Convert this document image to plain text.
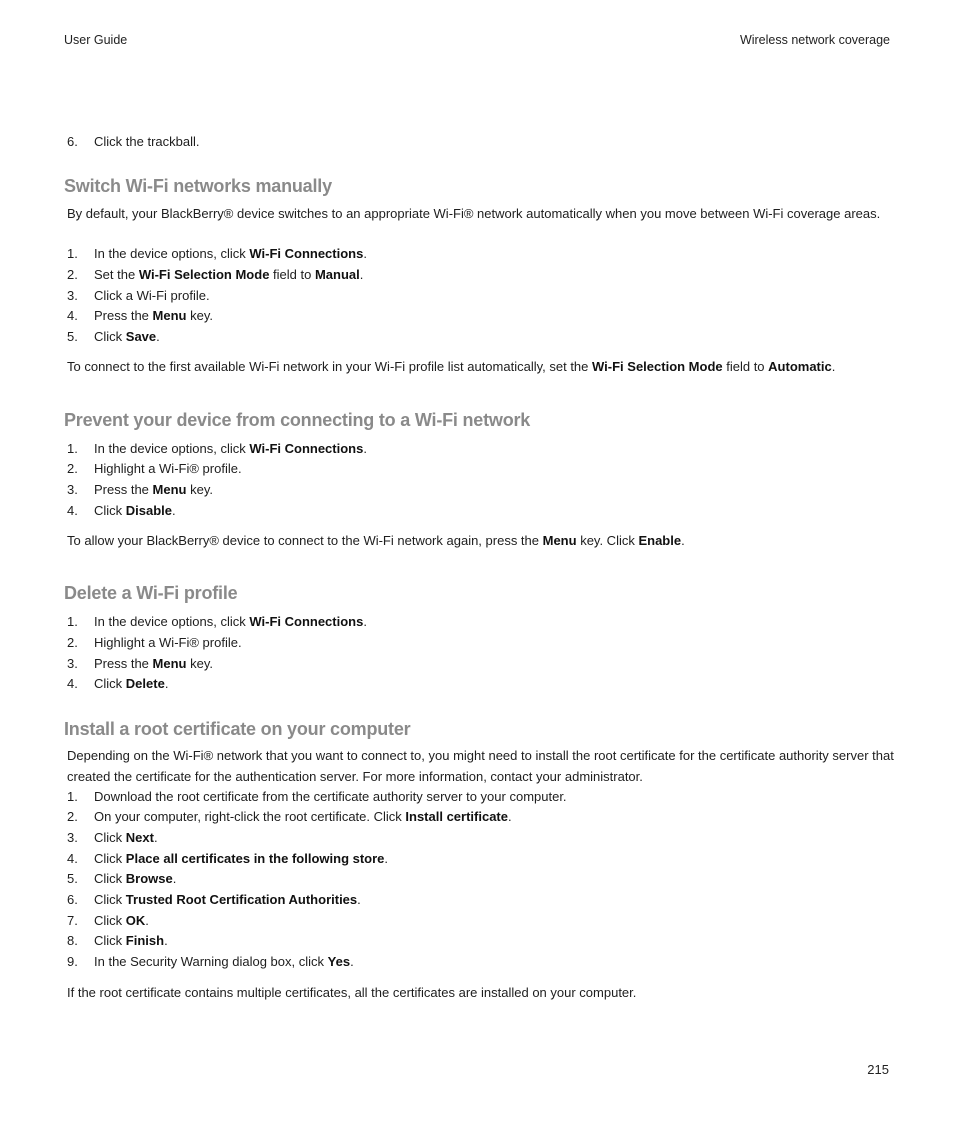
User Guide	Wireless network coverage
6. Click the trackball.
Switch Wi-Fi networks manually
By default, your BlackBerry® device switches to an appropriate Wi-Fi® network automatically when you move between Wi-Fi coverage areas.
1. In the device options, click Wi-Fi Connections.
2. Set the Wi-Fi Selection Mode field to Manual.
3. Click a Wi-Fi profile.
4. Press the Menu key.
5. Click Save.
To connect to the first available Wi-Fi network in your Wi-Fi profile list automatically, set the Wi-Fi Selection Mode field to Automatic.
Prevent your device from connecting to a Wi-Fi network
1. In the device options, click Wi-Fi Connections.
2. Highlight a Wi-Fi® profile.
3. Press the Menu key.
4. Click Disable.
To allow your BlackBerry® device to connect to the Wi-Fi network again, press the Menu key. Click Enable.
Delete a Wi-Fi profile
1. In the device options, click Wi-Fi Connections.
2. Highlight a Wi-Fi® profile.
3. Press the Menu key.
4. Click Delete.
Install a root certificate on your computer
Depending on the Wi-Fi® network that you want to connect to, you might need to install the root certificate for the certificate authority server that created the certificate for the authentication server. For more information, contact your administrator.
1. Download the root certificate from the certificate authority server to your computer.
2. On your computer, right-click the root certificate. Click Install certificate.
3. Click Next.
4. Click Place all certificates in the following store.
5. Click Browse.
6. Click Trusted Root Certification Authorities.
7. Click OK.
8. Click Finish.
9. In the Security Warning dialog box, click Yes.
If the root certificate contains multiple certificates, all the certificates are installed on your computer.
215
